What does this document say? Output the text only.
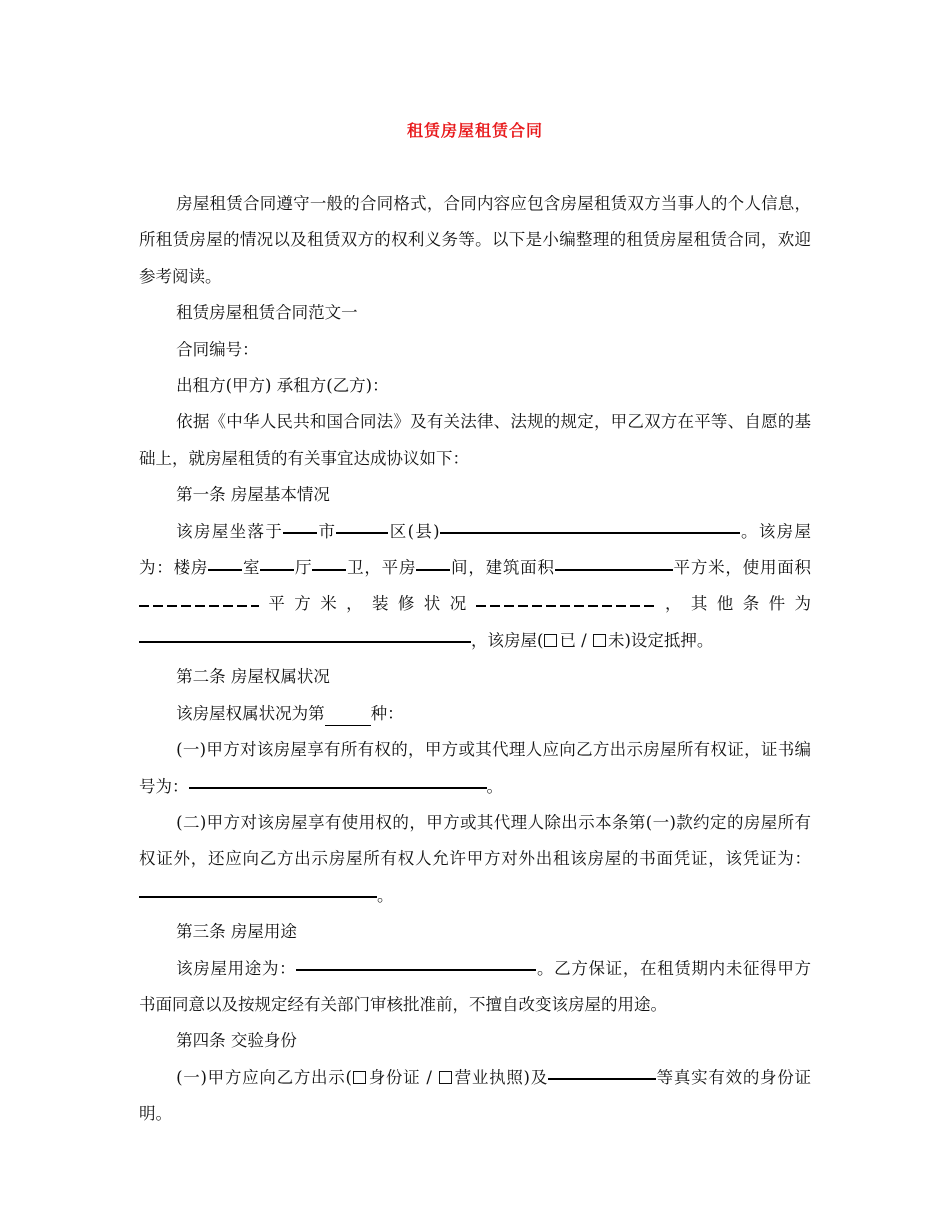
租赁房屋租赁合同

房屋租赁合同遵守一般的合同格式，合同内容应包含房屋租赁双方当事人的个人信息，所租赁房屋的情况以及租赁双方的权利义务等。以下是小编整理的租赁房屋租赁合同，欢迎参考阅读。

租赁房屋租赁合同范文一

合同编号：

出租方(甲方) 承租方(乙方)：

依据《中华人民共和国合同法》及有关法律、法规的规定，甲乙双方在平等、自愿的基础上，就房屋租赁的有关事宜达成协议如下：

第一条 房屋基本情况

该房屋坐落于 市	区(县)	。该房屋为：楼房 室 厅 卫，平房 间，建筑面积	平方米，使用面积平方米，装修状况	，其他条件为，该房屋( 已 / 未)设定抵押。

第二条 房屋权属状况

该房屋权属状况为第	种：

(一)甲方对该房屋享有所有权的，甲方或其代理人应向乙方出示房屋所有权证，证书编号为：	。

(二)甲方对该房屋享有使用权的，甲方或其代理人除出示本条第(一)款约定的房屋所有权证外，还应向乙方出示房屋所有权人允许甲方对外出租该房屋的书面凭证，该凭证为：。

第三条 房屋用途

该房屋用途为：	。乙方保证，在租赁期内未征得甲方书面同意以及按规定经有关部门审核批准前，不擅自改变该房屋的用途。

第四条 交验身份

(一)甲方应向乙方出示( 身份证 / 营业执照)及	等真实有效的身份证明。
